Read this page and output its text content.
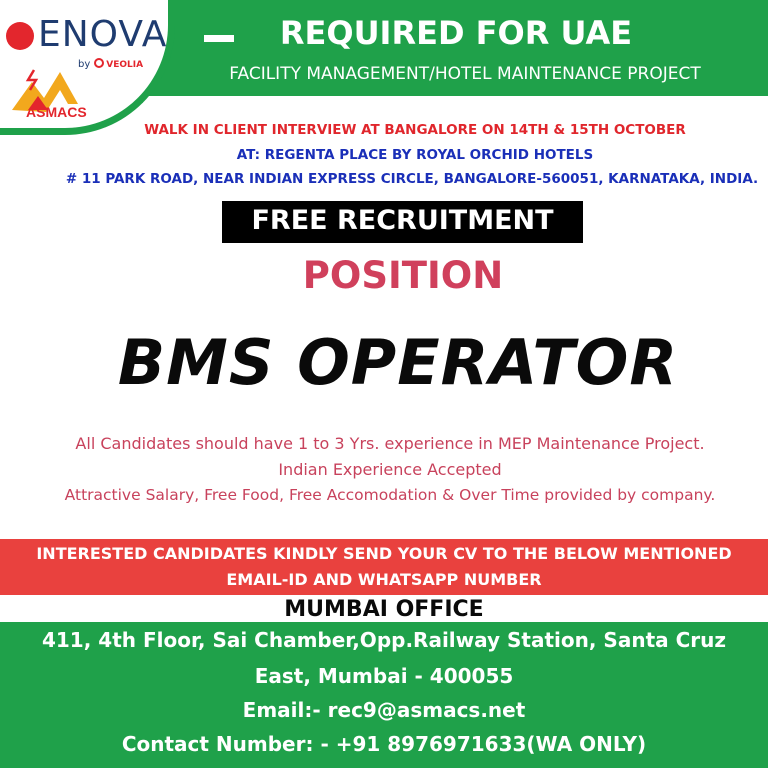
ENOVA
by VEOLIA
ASMACS
REQUIRED FOR UAE
FACILITY MANAGEMENT/HOTEL MAINTENANCE PROJECT
WALK IN CLIENT INTERVIEW AT BANGALORE ON 14TH & 15TH OCTOBER
AT: REGENTA PLACE BY ROYAL ORCHID HOTELS
# 11 PARK ROAD, NEAR INDIAN EXPRESS CIRCLE, BANGALORE-560051, KARNATAKA, INDIA.
FREE RECRUITMENT
POSITION
BMS OPERATOR
All Candidates should have 1 to 3 Yrs. experience in MEP Maintenance Project.
Indian Experience Accepted
Attractive Salary, Free Food, Free Accomodation & Over Time provided by company.
INTERESTED CANDIDATES KINDLY SEND YOUR CV TO THE BELOW MENTIONED
EMAIL-ID AND WHATSAPP NUMBER
MUMBAI OFFICE
411, 4th Floor, Sai Chamber,Opp.Railway Station, Santa Cruz
East, Mumbai - 400055
Email:- rec9@asmacs.net
Contact Number: - +91 8976971633(WA ONLY)
